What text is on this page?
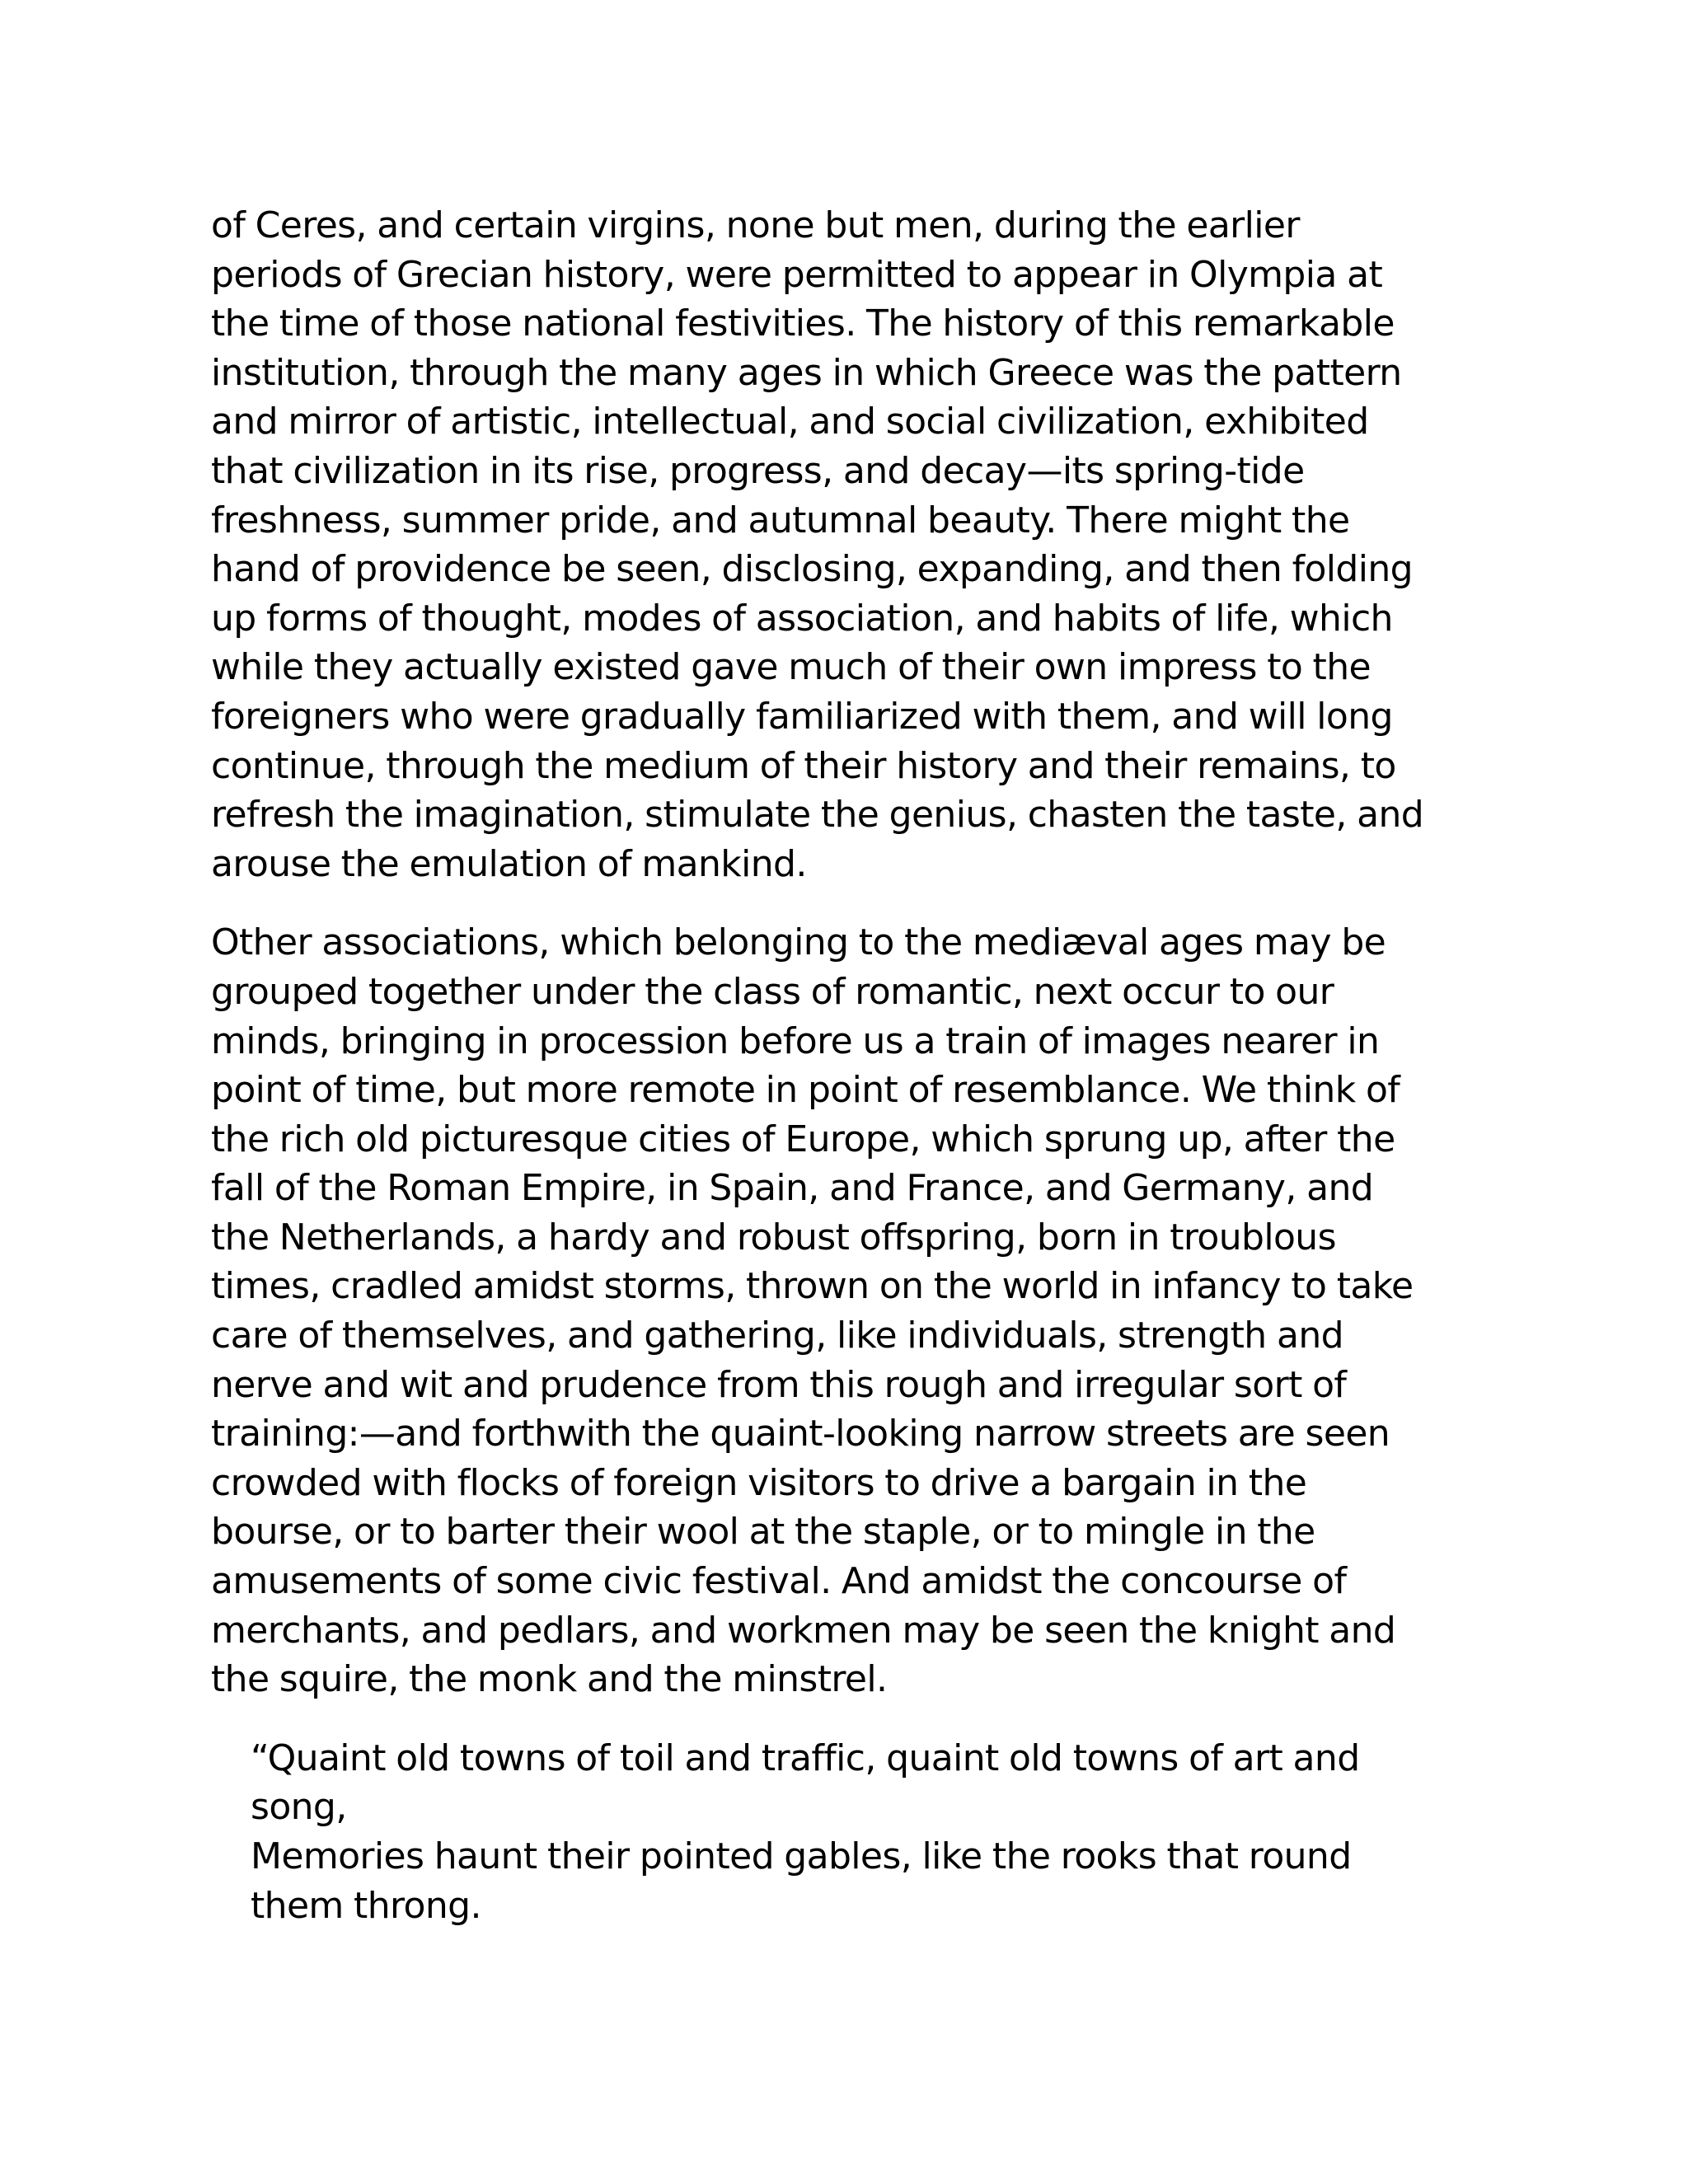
of Ceres, and certain virgins, none but men, during the earlier
periods of Grecian history, were permitted to appear in Olympia at
the time of those national festivities. The history of this remarkable
institution, through the many ages in which Greece was the pattern
and mirror of artistic, intellectual, and social civilization, exhibited
that civilization in its rise, progress, and decay—its spring-tide
freshness, summer pride, and autumnal beauty. There might the
hand of providence be seen, disclosing, expanding, and then folding
up forms of thought, modes of association, and habits of life, which
while they actually existed gave much of their own impress to the
foreigners who were gradually familiarized with them, and will long
continue, through the medium of their history and their remains, to
refresh the imagination, stimulate the genius, chasten the taste, and
arouse the emulation of mankind.

Other associations, which belonging to the mediæval ages may be
grouped together under the class of romantic, next occur to our
minds, bringing in procession before us a train of images nearer in
point of time, but more remote in point of resemblance. We think of
the rich old picturesque cities of Europe, which sprung up, after the
fall of the Roman Empire, in Spain, and France, and Germany, and
the Netherlands, a hardy and robust offspring, born in troublous
times, cradled amidst storms, thrown on the world in infancy to take
care of themselves, and gathering, like individuals, strength and
nerve and wit and prudence from this rough and irregular sort of
training:—and forthwith the quaint-looking narrow streets are seen
crowded with flocks of foreign visitors to drive a bargain in the
bourse, or to barter their wool at the staple, or to mingle in the
amusements of some civic festival. And amidst the concourse of
merchants, and pedlars, and workmen may be seen the knight and
the squire, the monk and the minstrel.

“Quaint old towns of toil and traffic, quaint old towns of art and
song,
Memories haunt their pointed gables, like the rooks that round
them throng.
